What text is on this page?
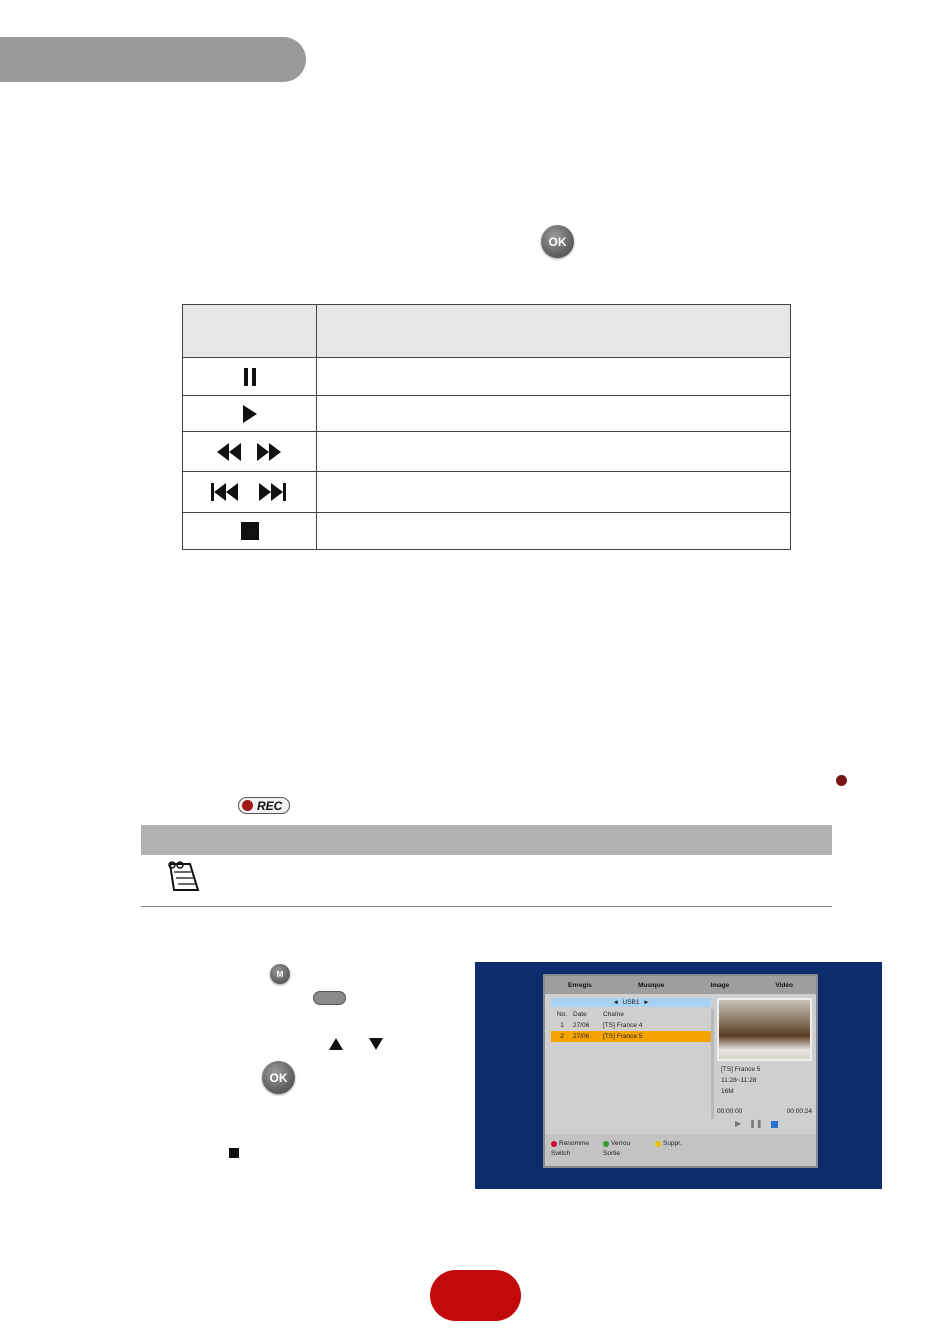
OK

REC
M
OK
Enregis	Musique	Image	Vidéo
◄  USB1  ►
No. Date	Chaîne
1	27/06	[TS] France 4
2	27/06	[TS] France 5
[TS] France 5
11:28~11:28
16M
00:00:00	00:00:24
▶ ❚❚
Renomme	Verrou	Suppr.
Switch	Sortie
